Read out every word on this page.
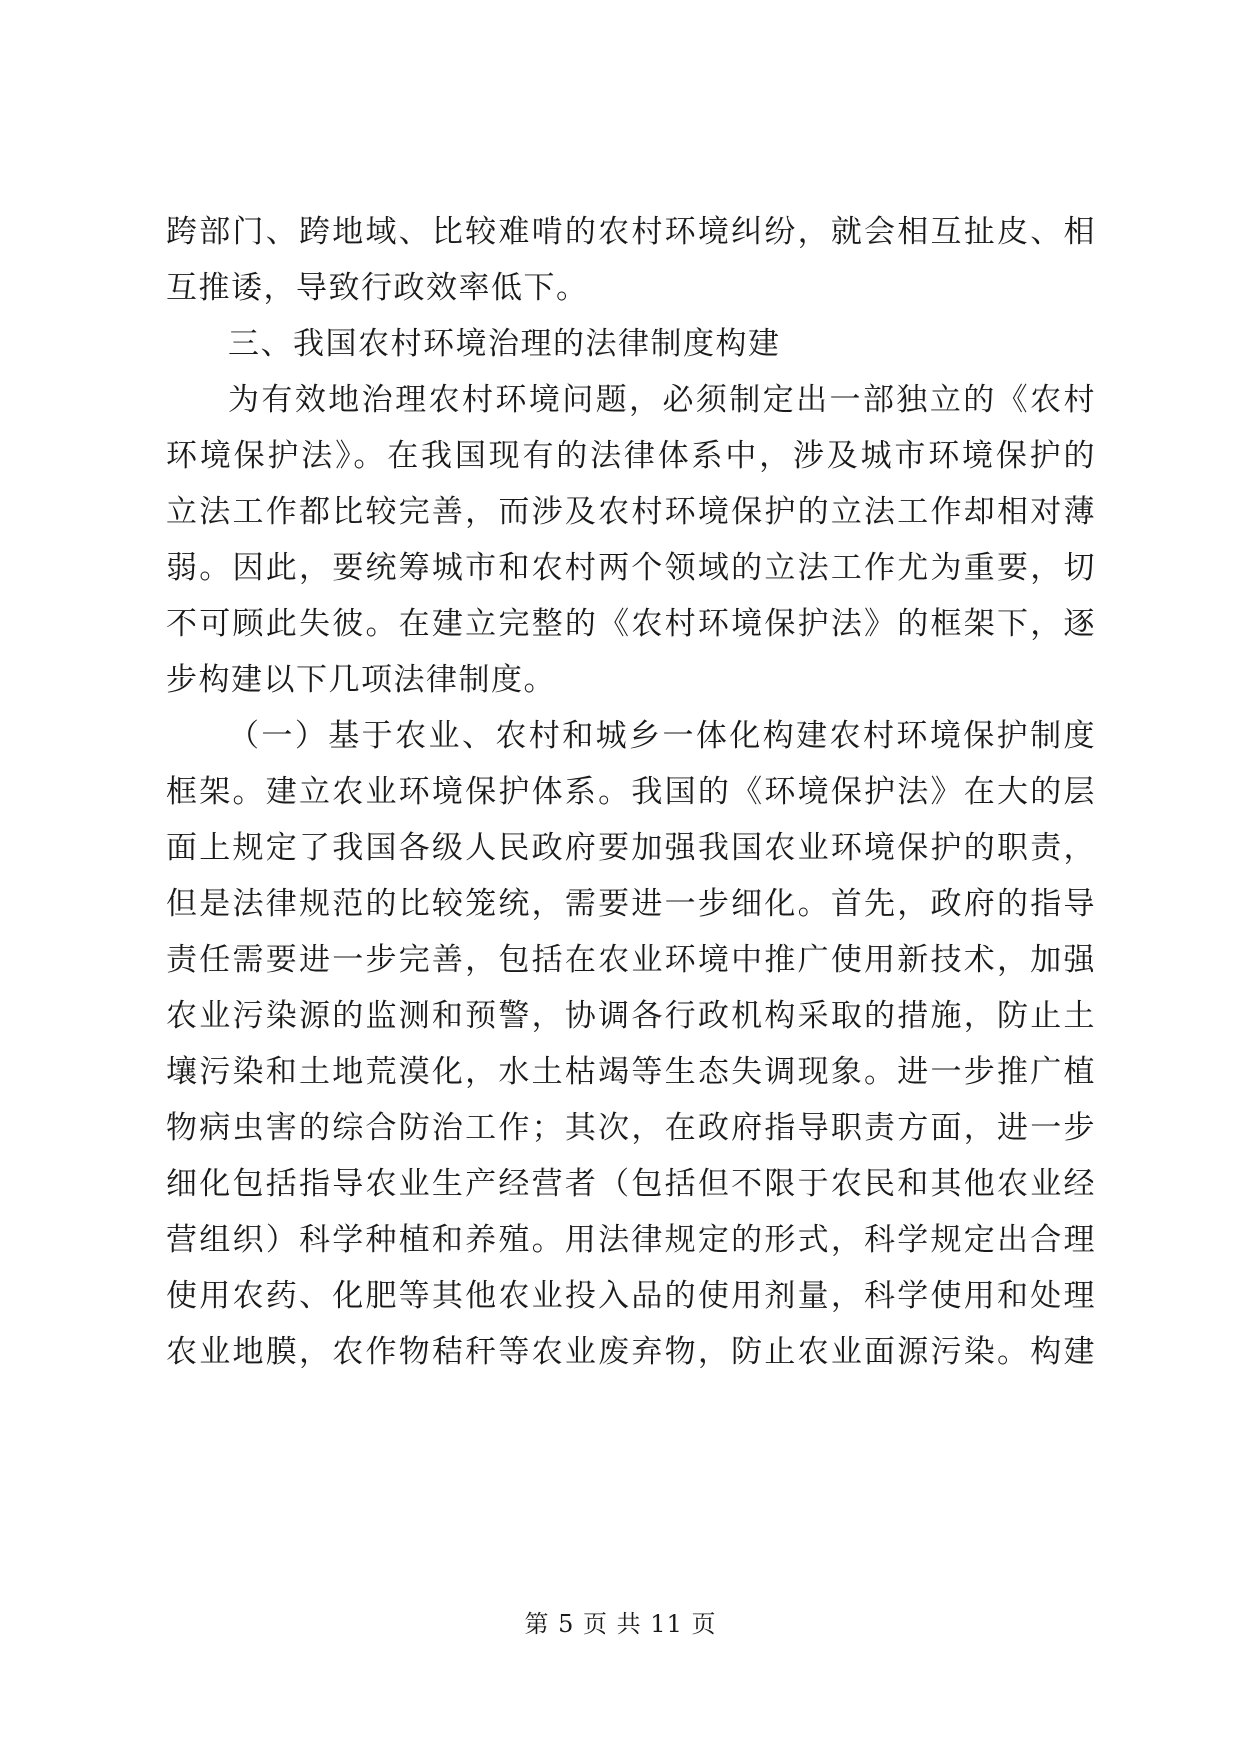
跨部门、跨地域、比较难啃的农村环境纠纷，就会相互扯皮、相
互推诿，导致行政效率低下。
三、我国农村环境治理的法律制度构建
为有效地治理农村环境问题，必须制定出一部独立的《农村
环境保护法》。在我国现有的法律体系中，涉及城市环境保护的
立法工作都比较完善，而涉及农村环境保护的立法工作却相对薄
弱。因此，要统筹城市和农村两个领域的立法工作尤为重要，切
不可顾此失彼。在建立完整的《农村环境保护法》的框架下，逐
步构建以下几项法律制度。
（一）基于农业、农村和城乡一体化构建农村环境保护制度
框架。建立农业环境保护体系。我国的《环境保护法》在大的层
面上规定了我国各级人民政府要加强我国农业环境保护的职责，
但是法律规范的比较笼统，需要进一步细化。首先，政府的指导
责任需要进一步完善，包括在农业环境中推广使用新技术，加强
农业污染源的监测和预警，协调各行政机构采取的措施，防止土
壤污染和土地荒漠化，水土枯竭等生态失调现象。进一步推广植
物病虫害的综合防治工作；其次，在政府指导职责方面，进一步
细化包括指导农业生产经营者（包括但不限于农民和其他农业经
营组织）科学种植和养殖。用法律规定的形式，科学规定出合理
使用农药、化肥等其他农业投入品的使用剂量，科学使用和处理
农业地膜，农作物秸秆等农业废弃物，防止农业面源污染。构建
第 5 页 共 11 页
